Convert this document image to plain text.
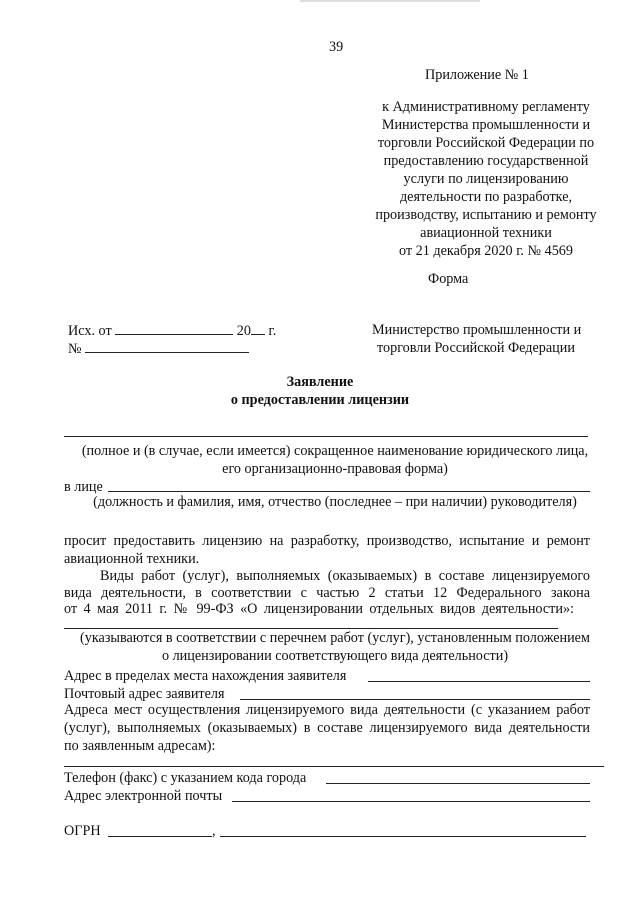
39
Приложение № 1
к Административному регламенту
Министерства промышленности и
торговли Российской Федерации по
предоставлению государственной
услуги по лицензированию
деятельности по разработке,
производству, испытанию и ремонту
авиационной техники
от 21 декабря 2020 г. № 4569
Форма
Исх. от	20 г.
№
Министерство промышленности и
торговли Российской Федерации
Заявление
о предоставлении лицензии
(полное и (в случае, если имеется) сокращенное наименование юридического лица,
его организационно-правовая форма)
в лице
(должность и фамилия, имя, отчество (последнее – при наличии) руководителя)
просит предоставить лицензию на разработку, производство, испытание и ремонт
авиационной техники.
Виды работ (услуг), выполняемых (оказываемых) в составе лицензируемого
вида деятельности, в соответствии с частью 2 статьи 12 Федерального закона
от 4 мая 2011 г. № 99-ФЗ «О лицензировании отдельных видов деятельности»:
(указываются в соответствии с перечнем работ (услуг), установленным положением
о лицензировании соответствующего вида деятельности)
Адрес в пределах места нахождения заявителя
Почтовый адрес заявителя
Адреса мест осуществления лицензируемого вида деятельности (с указанием работ
(услуг), выполняемых (оказываемых) в составе лицензируемого вида деятельности
по заявленным адресам):
Телефон (факс) с указанием кода города
Адрес электронной почты
ОГРН	,
